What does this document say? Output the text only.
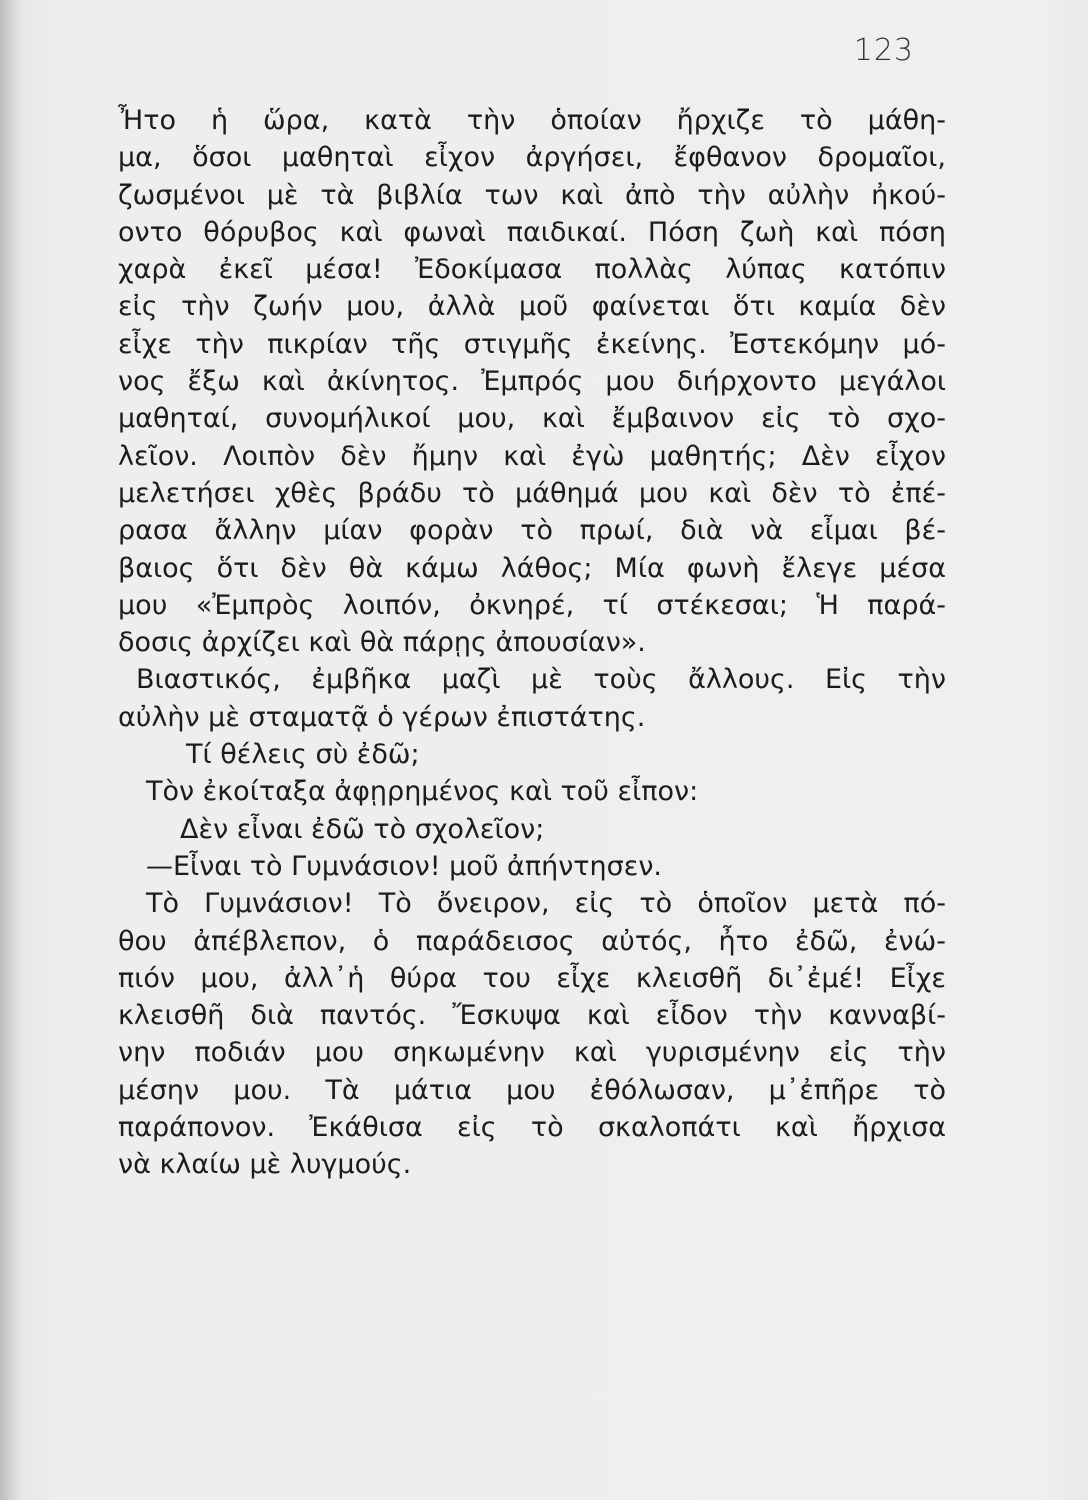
123
Ἦτο ἡ ὥρα, κατὰ τὴν ὁποίαν ἤρχιζε τὸ μάθη-
μα, ὅσοι μαθηταὶ εἶχον ἀργήσει, ἔφθανον δρομαῖοι,
ζωσμένοι μὲ τὰ βιβλία των καὶ ἀπὸ τὴν αὐλὴν ἠκού-
οντο θόρυβος καὶ φωναὶ παιδικαί. Πόση ζωὴ καὶ πόση
χαρὰ ἐκεῖ μέσα! Ἐδοκίμασα πολλὰς λύπας κατόπιν
εἰς τὴν ζωήν μου, ἀλλὰ μοῦ φαίνεται ὅτι καμία δὲν
εἶχε τὴν πικρίαν τῆς στιγμῆς ἐκείνης. Ἐστεκόμην μό-
νος ἔξω καὶ ἀκίνητος. Ἐμπρός μου διήρχοντο μεγάλοι
μαθηταί, συνομήλικοί μου, καὶ ἔμβαινον εἰς τὸ σχο-
λεῖον. Λοιπὸν δὲν ἤμην καὶ ἐγὼ μαθητής; Δὲν εἶχον
μελετήσει χθὲς βράδυ τὸ μάθημά μου καὶ δὲν τὸ ἐπέ-
ρασα ἄλλην μίαν φορὰν τὸ πρωί, διὰ νὰ εἶμαι βέ-
βαιος ὅτι δὲν θὰ κάμω λάθος; Μία φωνὴ ἔλεγε μέσα
μου «Ἐμπρὸς λοιπόν, ὀκνηρέ, τί στέκεσαι; Ἡ παρά-
δοσις ἀρχίζει καὶ θὰ πάρῃς ἀπουσίαν».
Βιαστικός, ἐμβῆκα μαζὶ μὲ τοὺς ἄλλους. Εἰς τὴν
αὐλὴν μὲ σταματᾷ ὁ γέρων ἐπιστάτης.
Τί θέλεις σὺ ἐδῶ;
Τὸν ἐκοίταξα ἀφῃρημένος καὶ τοῦ εἶπον:
Δὲν εἶναι ἐδῶ τὸ σχολεῖον;
—Εἶναι τὸ Γυμνάσιον! μοῦ ἀπήντησεν.
Τὸ Γυμνάσιον! Τὸ ὄνειρον, εἰς τὸ ὁποῖον μετὰ πό-
θου ἀπέβλεπον, ὁ παράδεισος αὐτός, ἦτο ἐδῶ, ἐνώ-
πιόν μου, ἀλλ᾿ἡ θύρα του εἶχε κλεισθῆ δι᾿ἐμέ! Εἶχε
κλεισθῆ διὰ παντός. Ἔσκυψα καὶ εἶδον τὴν κανναβί-
νην ποδιάν μου σηκωμένην καὶ γυρισμένην εἰς τὴν
μέσην μου. Τὰ μάτια μου ἐθόλωσαν, μ᾿ἐπῆρε τὸ
παράπονον. Ἐκάθισα εἰς τὸ σκαλοπάτι καὶ ἤρχισα
νὰ κλαίω μὲ λυγμούς.
